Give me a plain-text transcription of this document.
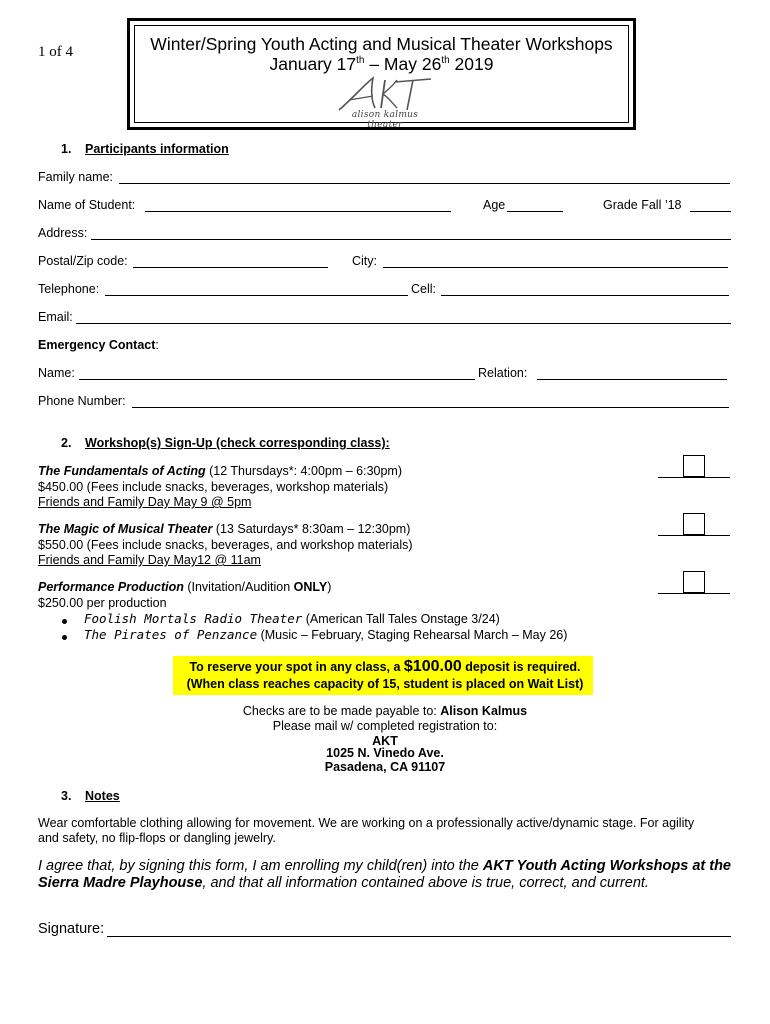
1 of 4	Winter/Spring Youth Acting and Musical Theater Workshops
January 17th – May 26th 2019
alison kalmus theater
1. Participants information
Family name:
Name of Student:	Age	Grade Fall ’18
Address:
Postal/Zip code:	City:
Telephone:	Cell:
Email:
Emergency Contact:
Name:	Relation:
Phone Number:
2. Workshop(s) Sign-Up (check corresponding class):
The Fundamentals of Acting (12 Thursdays*: 4:00pm – 6:30pm)
$450.00 (Fees include snacks, beverages, workshop materials)
Friends and Family Day May 9 @ 5pm
The Magic of Musical Theater (13 Saturdays* 8:30am – 12:30pm)
$550.00 (Fees include snacks, beverages, and workshop materials)
Friends and Family Day May12 @ 11am
Performance Production (Invitation/Audition ONLY)
$250.00 per production
Foolish Mortals Radio Theater (American Tall Tales Onstage 3/24)
The Pirates of Penzance (Music – February, Staging Rehearsal March – May 26)
To reserve your spot in any class, a $100.00 deposit is required.
(When class reaches capacity of 15, student is placed on Wait List)
Checks are to be made payable to: Alison Kalmus
Please mail w/ completed registration to:
AKT
1025 N. Vinedo Ave.
Pasadena, CA 91107
3. Notes
Wear comfortable clothing allowing for movement. We are working on a professionally active/dynamic stage. For agility
and safety, no flip-flops or dangling jewelry.
I agree that, by signing this form, I am enrolling my child(ren) into the AKT Youth Acting Workshops at the
Sierra Madre Playhouse, and that all information contained above is true, correct, and current.
Signature:
